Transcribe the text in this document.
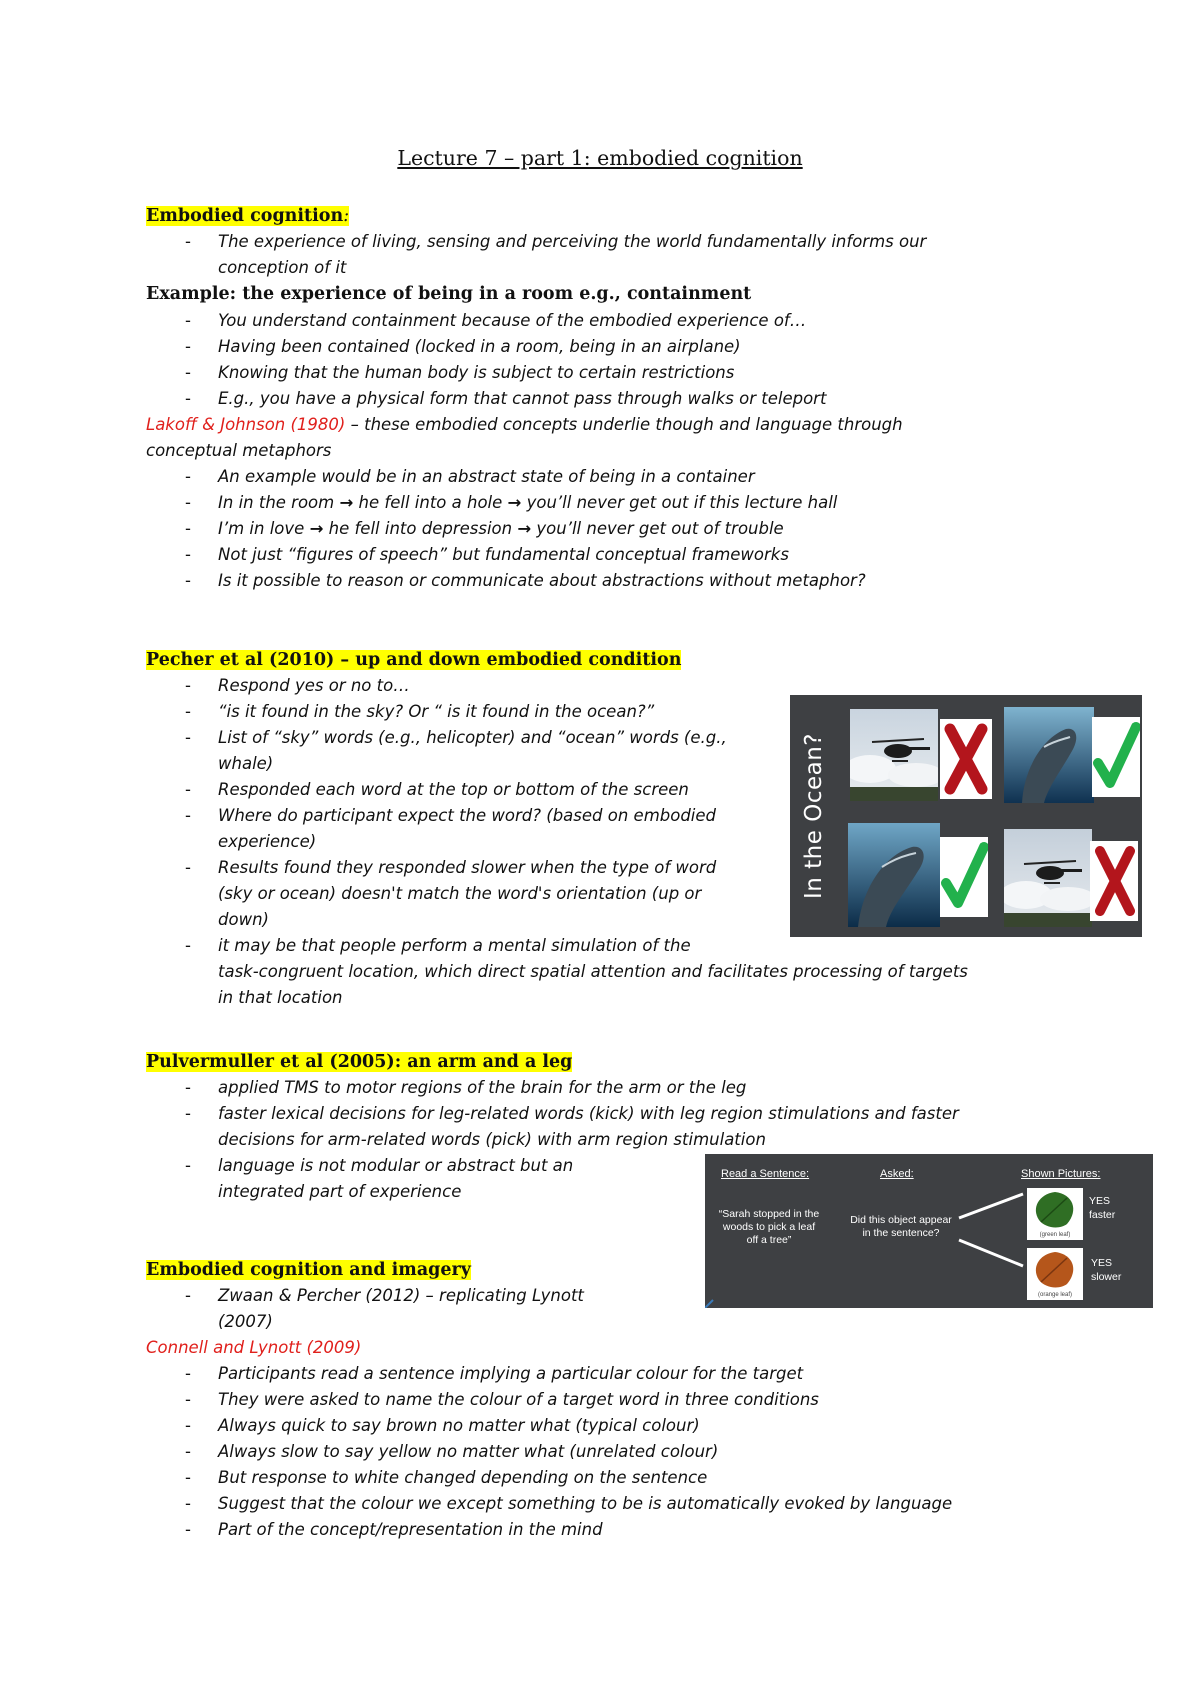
Lecture 7 – part 1: embodied cognition
Embodied cognition:
- The experience of living, sensing and perceiving the world fundamentally informs our
conception of it
Example: the experience of being in a room e.g., containment
- You understand containment because of the embodied experience of…
- Having been contained (locked in a room, being in an airplane)
- Knowing that the human body is subject to certain restrictions
- E.g., you have a physical form that cannot pass through walks or teleport
Lakoff & Johnson (1980) – these embodied concepts underlie though and language through
conceptual metaphors
- An example would be in an abstract state of being in a container
- In in the room → he fell into a hole → you’ll never get out if this lecture hall
- I’m in love → he fell into depression → you’ll never get out of trouble
- Not just “figures of speech” but fundamental conceptual frameworks
- Is it possible to reason or communicate about abstractions without metaphor?
Pecher et al (2010) – up and down embodied condition
- Respond yes or no to…
- “is it found in the sky? Or “ is it found in the ocean?”
- List of “sky” words (e.g., helicopter) and “ocean” words (e.g.,
whale)
- Responded each word at the top or bottom of the screen
- Where do participant expect the word? (based on embodied
experience)
- Results found they responded slower when the type of word
(sky or ocean) doesn't match the word's orientation (up or
down)
- it may be that people perform a mental simulation of the
task-congruent location, which direct spatial attention and facilitates processing of targets
in that location
In the Ocean?
Pulvermuller et al (2005): an arm and a leg
- applied TMS to motor regions of the brain for the arm or the leg
- faster lexical decisions for leg-related words (kick) with leg region stimulations and faster
decisions for arm-related words (pick) with arm region stimulation
- language is not modular or abstract but an
integrated part of experience
Read a Sentence:	Asked:	Shown Pictures:
“Sarah stopped in the
woods to pick a leaf
off a tree”
Did this object appear
in the sentence?	(green leaf)
(orange leaf)
YES
faster
YES
slower
Embodied cognition and imagery
- Zwaan & Percher (2012) – replicating Lynott
(2007)
Connell and Lynott (2009)
- Participants read a sentence implying a particular colour for the target
- They were asked to name the colour of a target word in three conditions
- Always quick to say brown no matter what (typical colour)
- Always slow to say yellow no matter what (unrelated colour)
- But response to white changed depending on the sentence
- Suggest that the colour we except something to be is automatically evoked by language
- Part of the concept/representation in the mind
